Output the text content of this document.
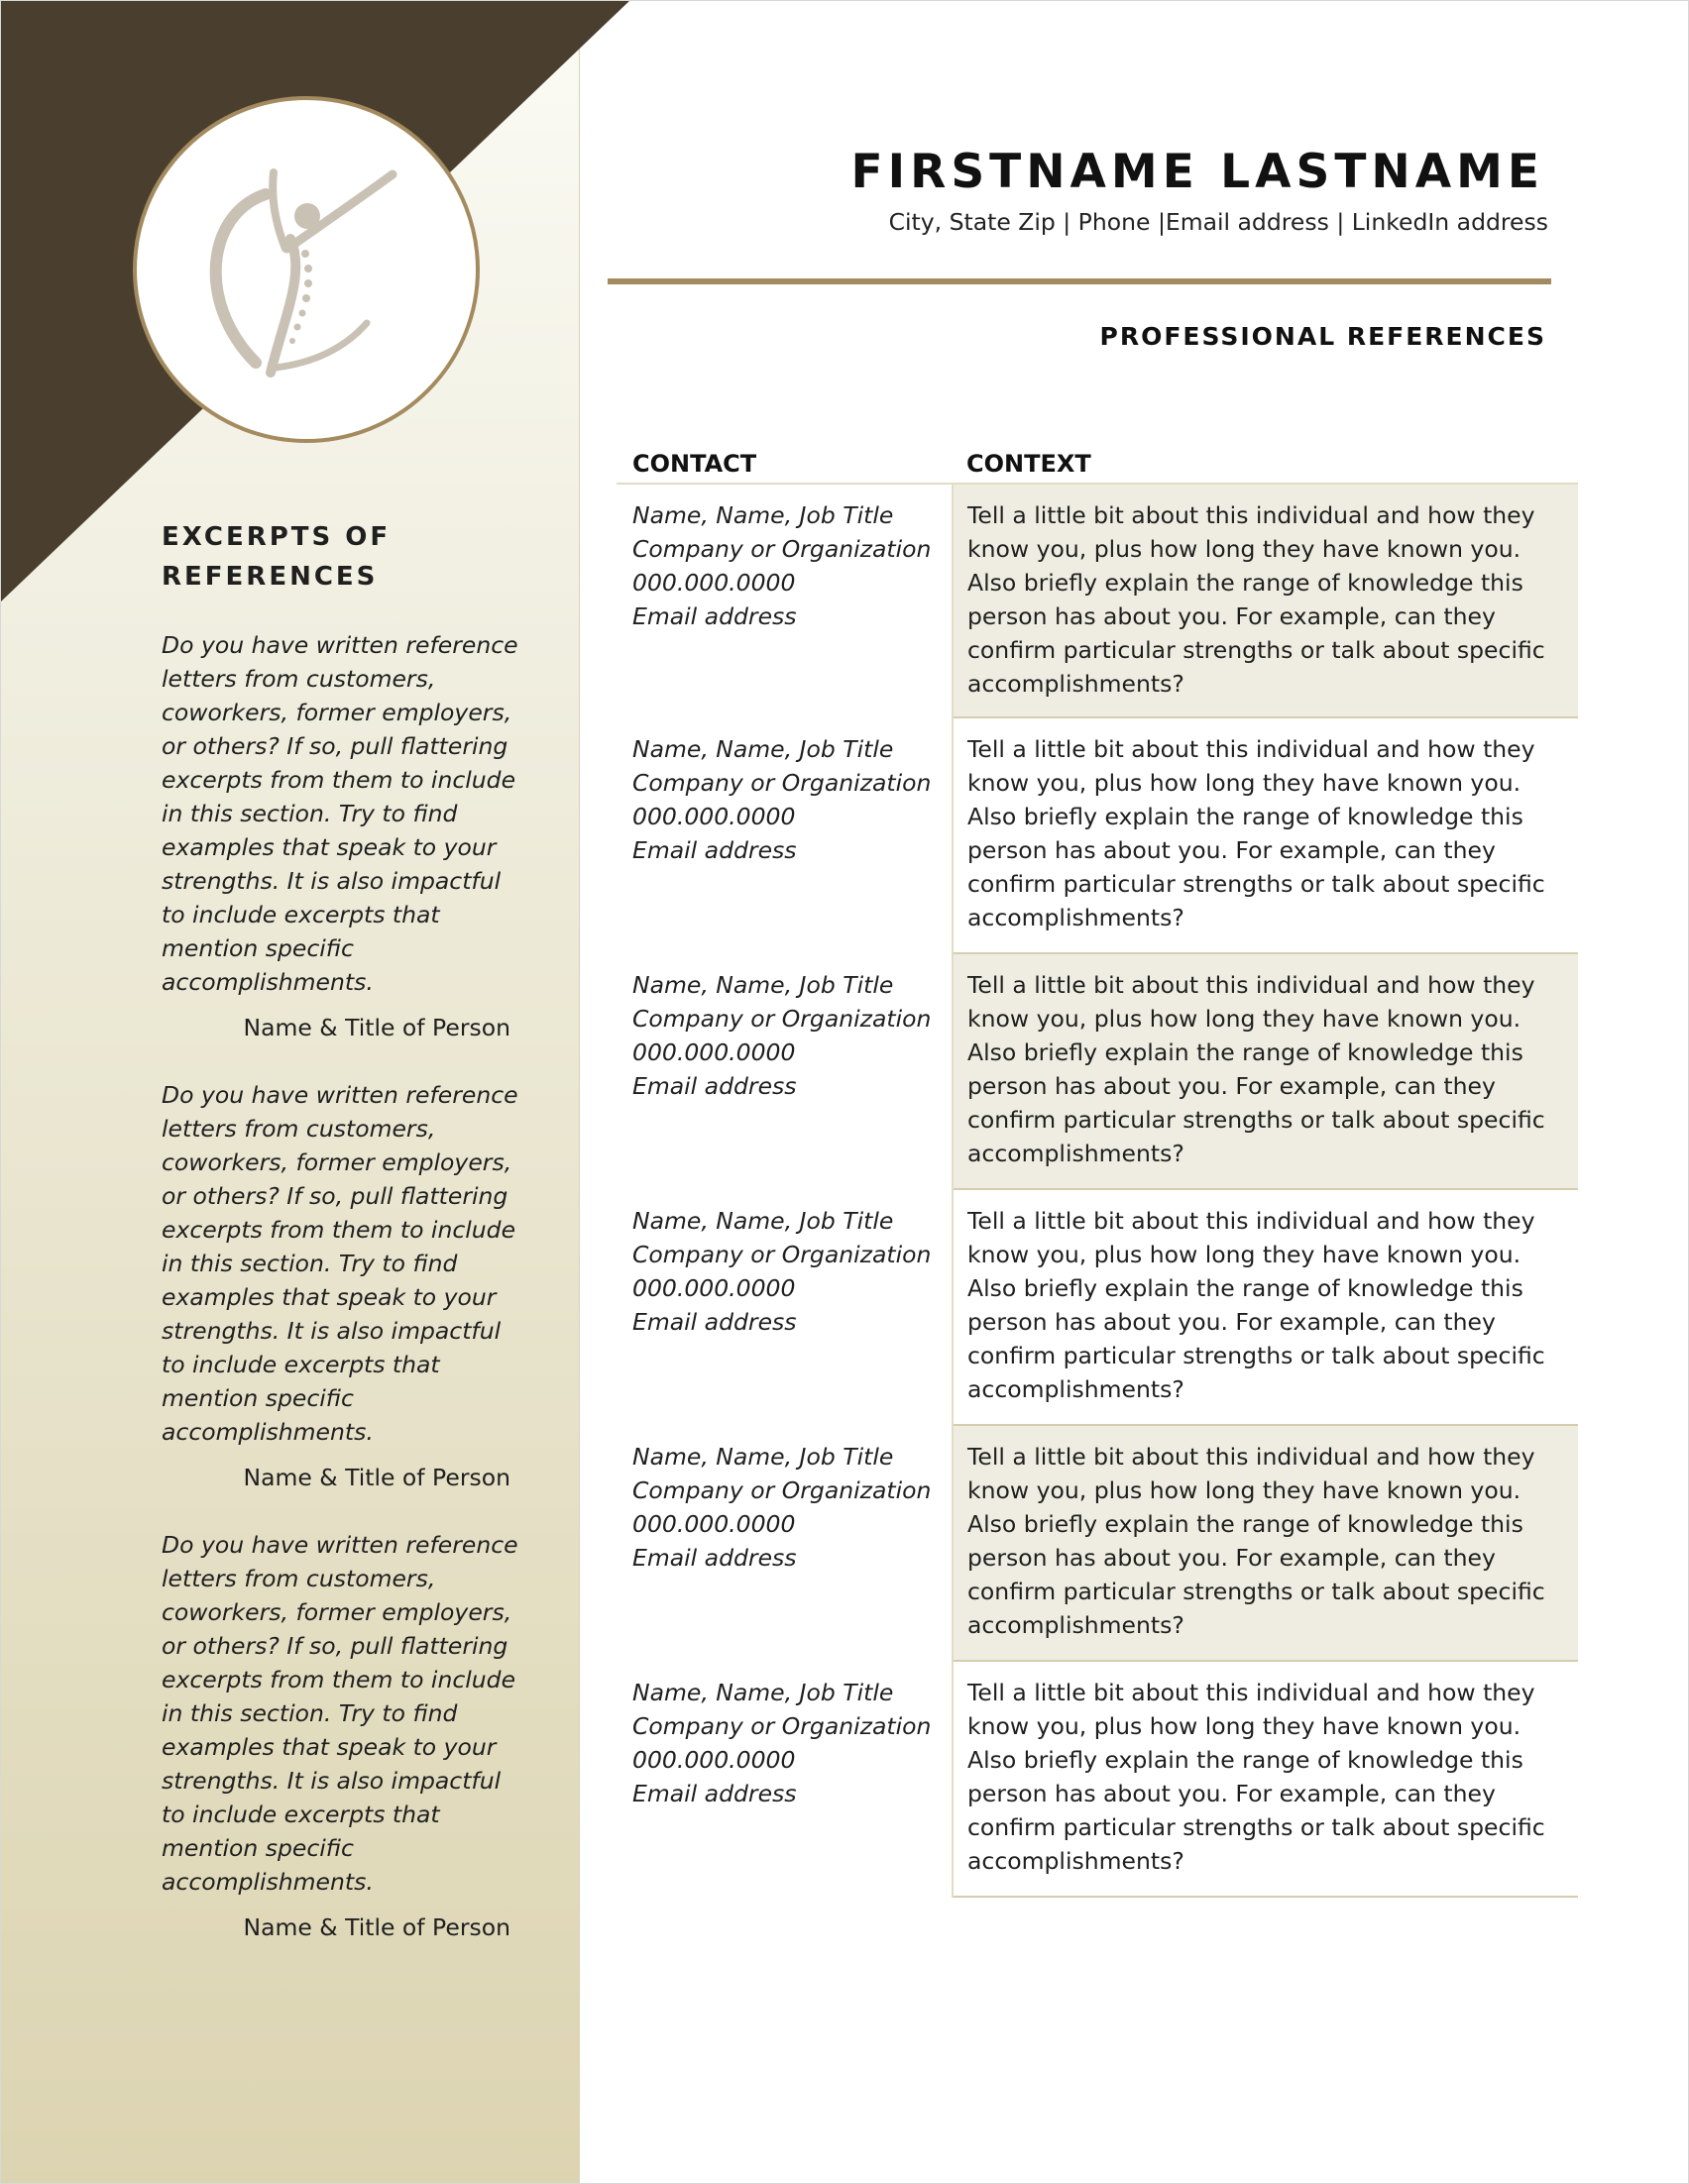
EXCERPTS OF
REFERENCES
Do you have written reference letters from customers, coworkers, former employers, or others? If so, pull flattering excerpts from them to include in this section. Try to find examples that speak to your strengths. It is also impactful to include excerpts that mention specific accomplishments.
Name & Title of Person
Do you have written reference letters from customers, coworkers, former employers, or others? If so, pull flattering excerpts from them to include in this section. Try to find examples that speak to your strengths. It is also impactful to include excerpts that mention specific accomplishments.
Name & Title of Person
Do you have written reference letters from customers, coworkers, former employers, or others? If so, pull flattering excerpts from them to include in this section. Try to find examples that speak to your strengths. It is also impactful to include excerpts that mention specific accomplishments.
Name & Title of Person
FIRSTNAME LASTNAME
City, State Zip | Phone |Email address | LinkedIn address
PROFESSIONAL REFERENCES
CONTACT	CONTEXT
Name, Name, Job Title
Company or Organization
000.000.0000
Email address
Tell a little bit about this individual and how they know you, plus how long they have known you. Also briefly explain the range of knowledge this person has about you. For example, can they confirm particular strengths or talk about specific accomplishments?
Name, Name, Job Title
Company or Organization
000.000.0000
Email address
Tell a little bit about this individual and how they know you, plus how long they have known you. Also briefly explain the range of knowledge this person has about you. For example, can they confirm particular strengths or talk about specific accomplishments?
Name, Name, Job Title
Company or Organization
000.000.0000
Email address
Tell a little bit about this individual and how they know you, plus how long they have known you. Also briefly explain the range of knowledge this person has about you. For example, can they confirm particular strengths or talk about specific accomplishments?
Name, Name, Job Title
Company or Organization
000.000.0000
Email address
Tell a little bit about this individual and how they know you, plus how long they have known you. Also briefly explain the range of knowledge this person has about you. For example, can they confirm particular strengths or talk about specific accomplishments?
Name, Name, Job Title
Company or Organization
000.000.0000
Email address
Tell a little bit about this individual and how they know you, plus how long they have known you. Also briefly explain the range of knowledge this person has about you. For example, can they confirm particular strengths or talk about specific accomplishments?
Name, Name, Job Title
Company or Organization
000.000.0000
Email address
Tell a little bit about this individual and how they know you, plus how long they have known you. Also briefly explain the range of knowledge this person has about you. For example, can they confirm particular strengths or talk about specific accomplishments?
